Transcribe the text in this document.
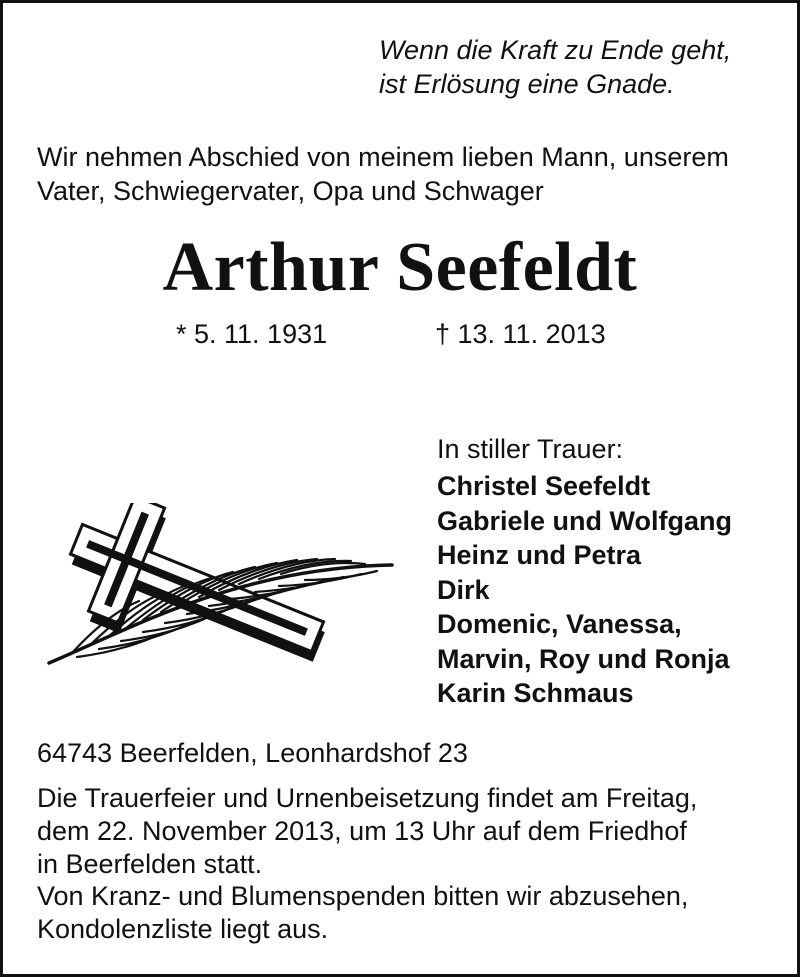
Wenn die Kraft zu Ende geht,
ist Erlösung eine Gnade.
Wir nehmen Abschied von meinem lieben Mann, unserem
Vater, Schwiegervater, Opa und Schwager
Arthur Seefeldt
* 5. 11. 1931	† 13. 11. 2013
In stiller Trauer:
Christel Seefeldt
Gabriele und Wolfgang
Heinz und Petra
Dirk
Domenic, Vanessa,
Marvin, Roy und Ronja
Karin Schmaus
64743 Beerfelden, Leonhardshof 23

Die Trauerfeier und Urnenbeisetzung findet am Freitag,

dem 22. November 2013, um 13 Uhr auf dem Friedhof

in Beerfelden statt.

Von Kranz- und Blumenspenden bitten wir abzusehen,

Kondolenzliste liegt aus.
